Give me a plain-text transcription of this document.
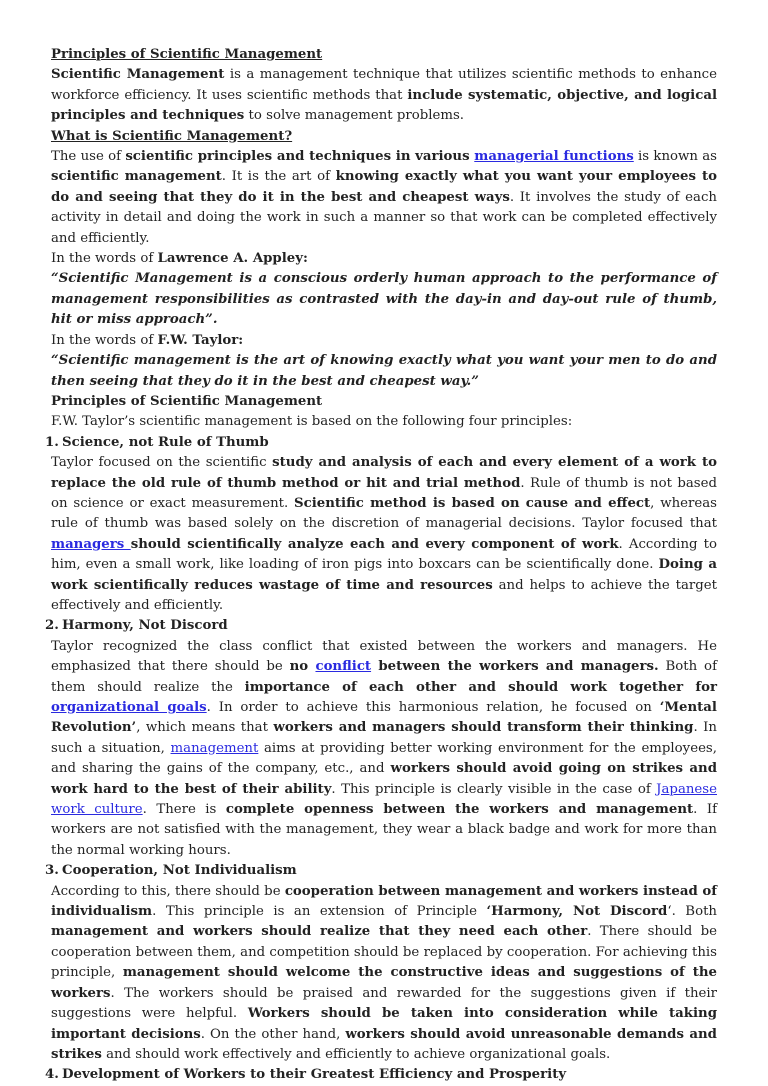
Principles of Scientific Management
Scientific Management is a management technique that utilizes scientific methods to enhance workforce efficiency. It uses scientific methods that include systematic, objective, and logical principles and techniques to solve management problems.
What is Scientific Management?
The use of scientific principles and techniques in various managerial functions is known as scientific management. It is the art of knowing exactly what you want your employees to do and seeing that they do it in the best and cheapest ways. It involves the study of each activity in detail and doing the work in such a manner so that work can be completed effectively and efficiently.
In the words of Lawrence A. Appley:
“Scientific Management is a conscious orderly human approach to the performance of management responsibilities as contrasted with the day-in and day-out rule of thumb, hit or miss approach”.
In the words of F.W. Taylor:
“Scientific management is the art of knowing exactly what you want your men to do and then seeing that they do it in the best and cheapest way.”
Principles of Scientific Management
F.W. Taylor’s scientific management is based on the following four principles:
1. Science, not Rule of Thumb
Taylor focused on the scientific study and analysis of each and every element of a work to replace the old rule of thumb method or hit and trial method. Rule of thumb is not based on science or exact measurement. Scientific method is based on cause and effect, whereas rule of thumb was based solely on the discretion of managerial decisions. Taylor focused that managers should scientifically analyze each and every component of work. According to him, even a small work, like loading of iron pigs into boxcars can be scientifically done. Doing a work scientifically reduces wastage of time and resources and helps to achieve the target effectively and efficiently.
2. Harmony, Not Discord
Taylor recognized the class conflict that existed between the workers and managers. He emphasized that there should be no conflict between the workers and managers. Both of them should realize the importance of each other and should work together for organizational goals. In order to achieve this harmonious relation, he focused on ‘Mental Revolution’, which means that workers and managers should transform their thinking. In such a situation, management aims at providing better working environment for the employees, and sharing the gains of the company, etc., and workers should avoid going on strikes and work hard to the best of their ability. This principle is clearly visible in the case of Japanese work culture. There is complete openness between the workers and management. If workers are not satisfied with the management, they wear a black badge and work for more than the normal working hours.
3. Cooperation, Not Individualism
According to this, there should be cooperation between management and workers instead of individualism. This principle is an extension of Principle ‘Harmony, Not Discord‘. Both management and workers should realize that they need each other. There should be cooperation between them, and competition should be replaced by cooperation. For achieving this principle, management should welcome the constructive ideas and suggestions of the workers. The workers should be praised and rewarded for the suggestions given if their suggestions were helpful. Workers should be taken into consideration while taking important decisions. On the other hand, workers should avoid unreasonable demands and strikes and should work effectively and efficiently to achieve organizational goals.
4. Development of Workers to their Greatest Efficiency and Prosperity
